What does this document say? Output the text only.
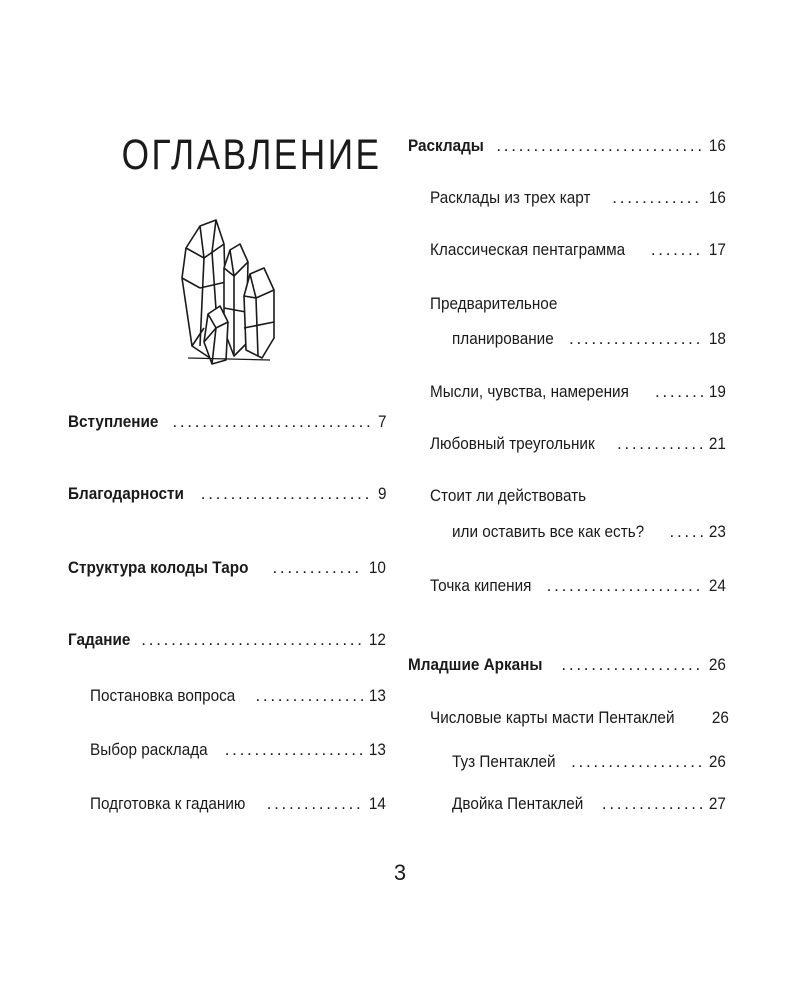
ОГЛАВЛЕНИЕ
Вступление . . .	7
Благодарности . . .	9
Структура колоды Таро . . .	10
Гадание . . .	12
Постановка вопроса . . .	13
Выбор расклада . . .	13
Подготовка к гаданию . . .	14
Расклады . . .	16
Расклады из трех карт . . .	16
Классическая пентаграмма . . .	17
Предварительное
планирование . . .	18
Мысли, чувства, намерения . . .	19
Любовный треугольник . . .	21
Стоит ли действовать
или оставить все как есть? . . .	23
Точка кипения . . .	24
Младшие Арканы . . .	26
Числовые карты масти Пентаклей 26
Туз Пентаклей . . .	26
Двойка Пентаклей . . .	27

3
